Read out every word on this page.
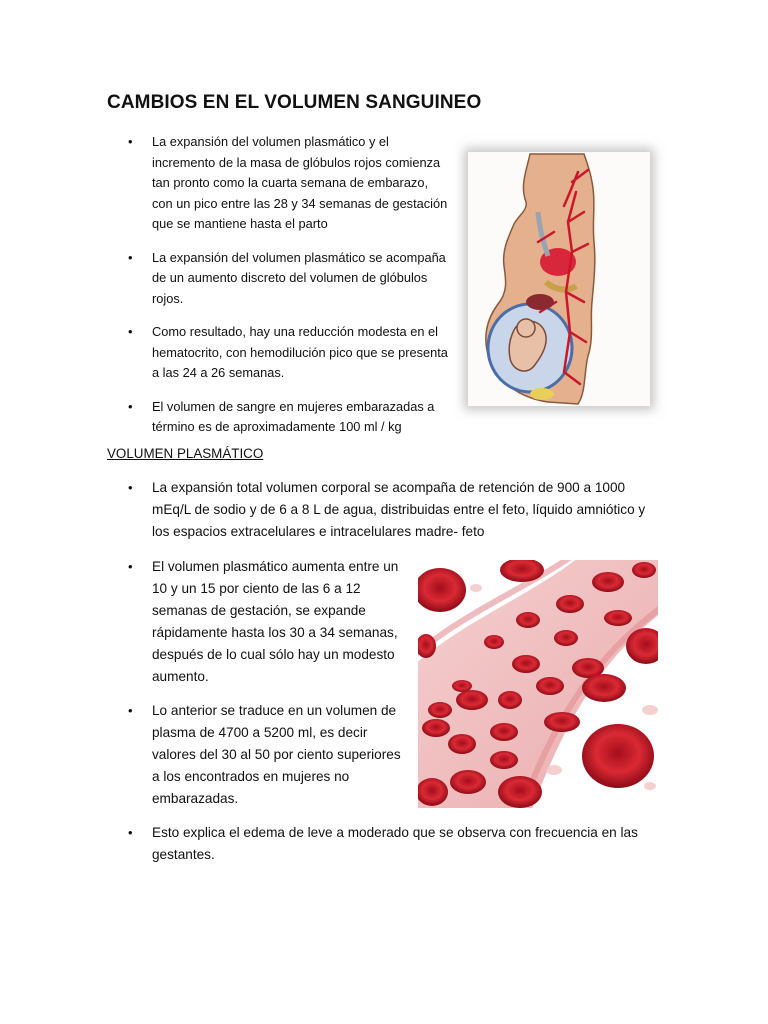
CAMBIOS EN EL VOLUMEN SANGUINEO
• La expansión del volumen plasmático y el incremento de la masa de glóbulos rojos comienza tan pronto como la cuarta semana de embarazo, con un pico entre las 28 y 34 semanas de gestación que se mantiene hasta el parto
• La expansión del volumen plasmático se acompaña de un aumento discreto del volumen de glóbulos rojos.
• Como resultado, hay una reducción modesta en el hematocrito, con hemodilución pico que se presenta a las 24 a 26 semanas.
• El volumen de sangre en mujeres embarazadas a término es de aproximadamente 100 ml / kg
VOLUMEN PLASMÁTICO
• La expansión total volumen corporal se acompaña de retención de 900 a 1000 mEq/L de sodio y de 6 a 8 L de agua, distribuidas entre el feto, líquido amniótico y los espacios extracelulares e intracelulares madre- feto
• El volumen plasmático aumenta entre un 10 y un 15 por ciento de las 6 a 12 semanas de gestación, se expande rápidamente hasta los 30 a 34 semanas, después de lo cual sólo hay un modesto aumento.
• Lo anterior se traduce en un volumen de plasma de 4700 a 5200 ml, es decir valores del 30 al 50 por ciento superiores a los encontrados en mujeres no embarazadas.
• Esto explica el edema de leve a moderado que se observa con frecuencia en las gestantes.
